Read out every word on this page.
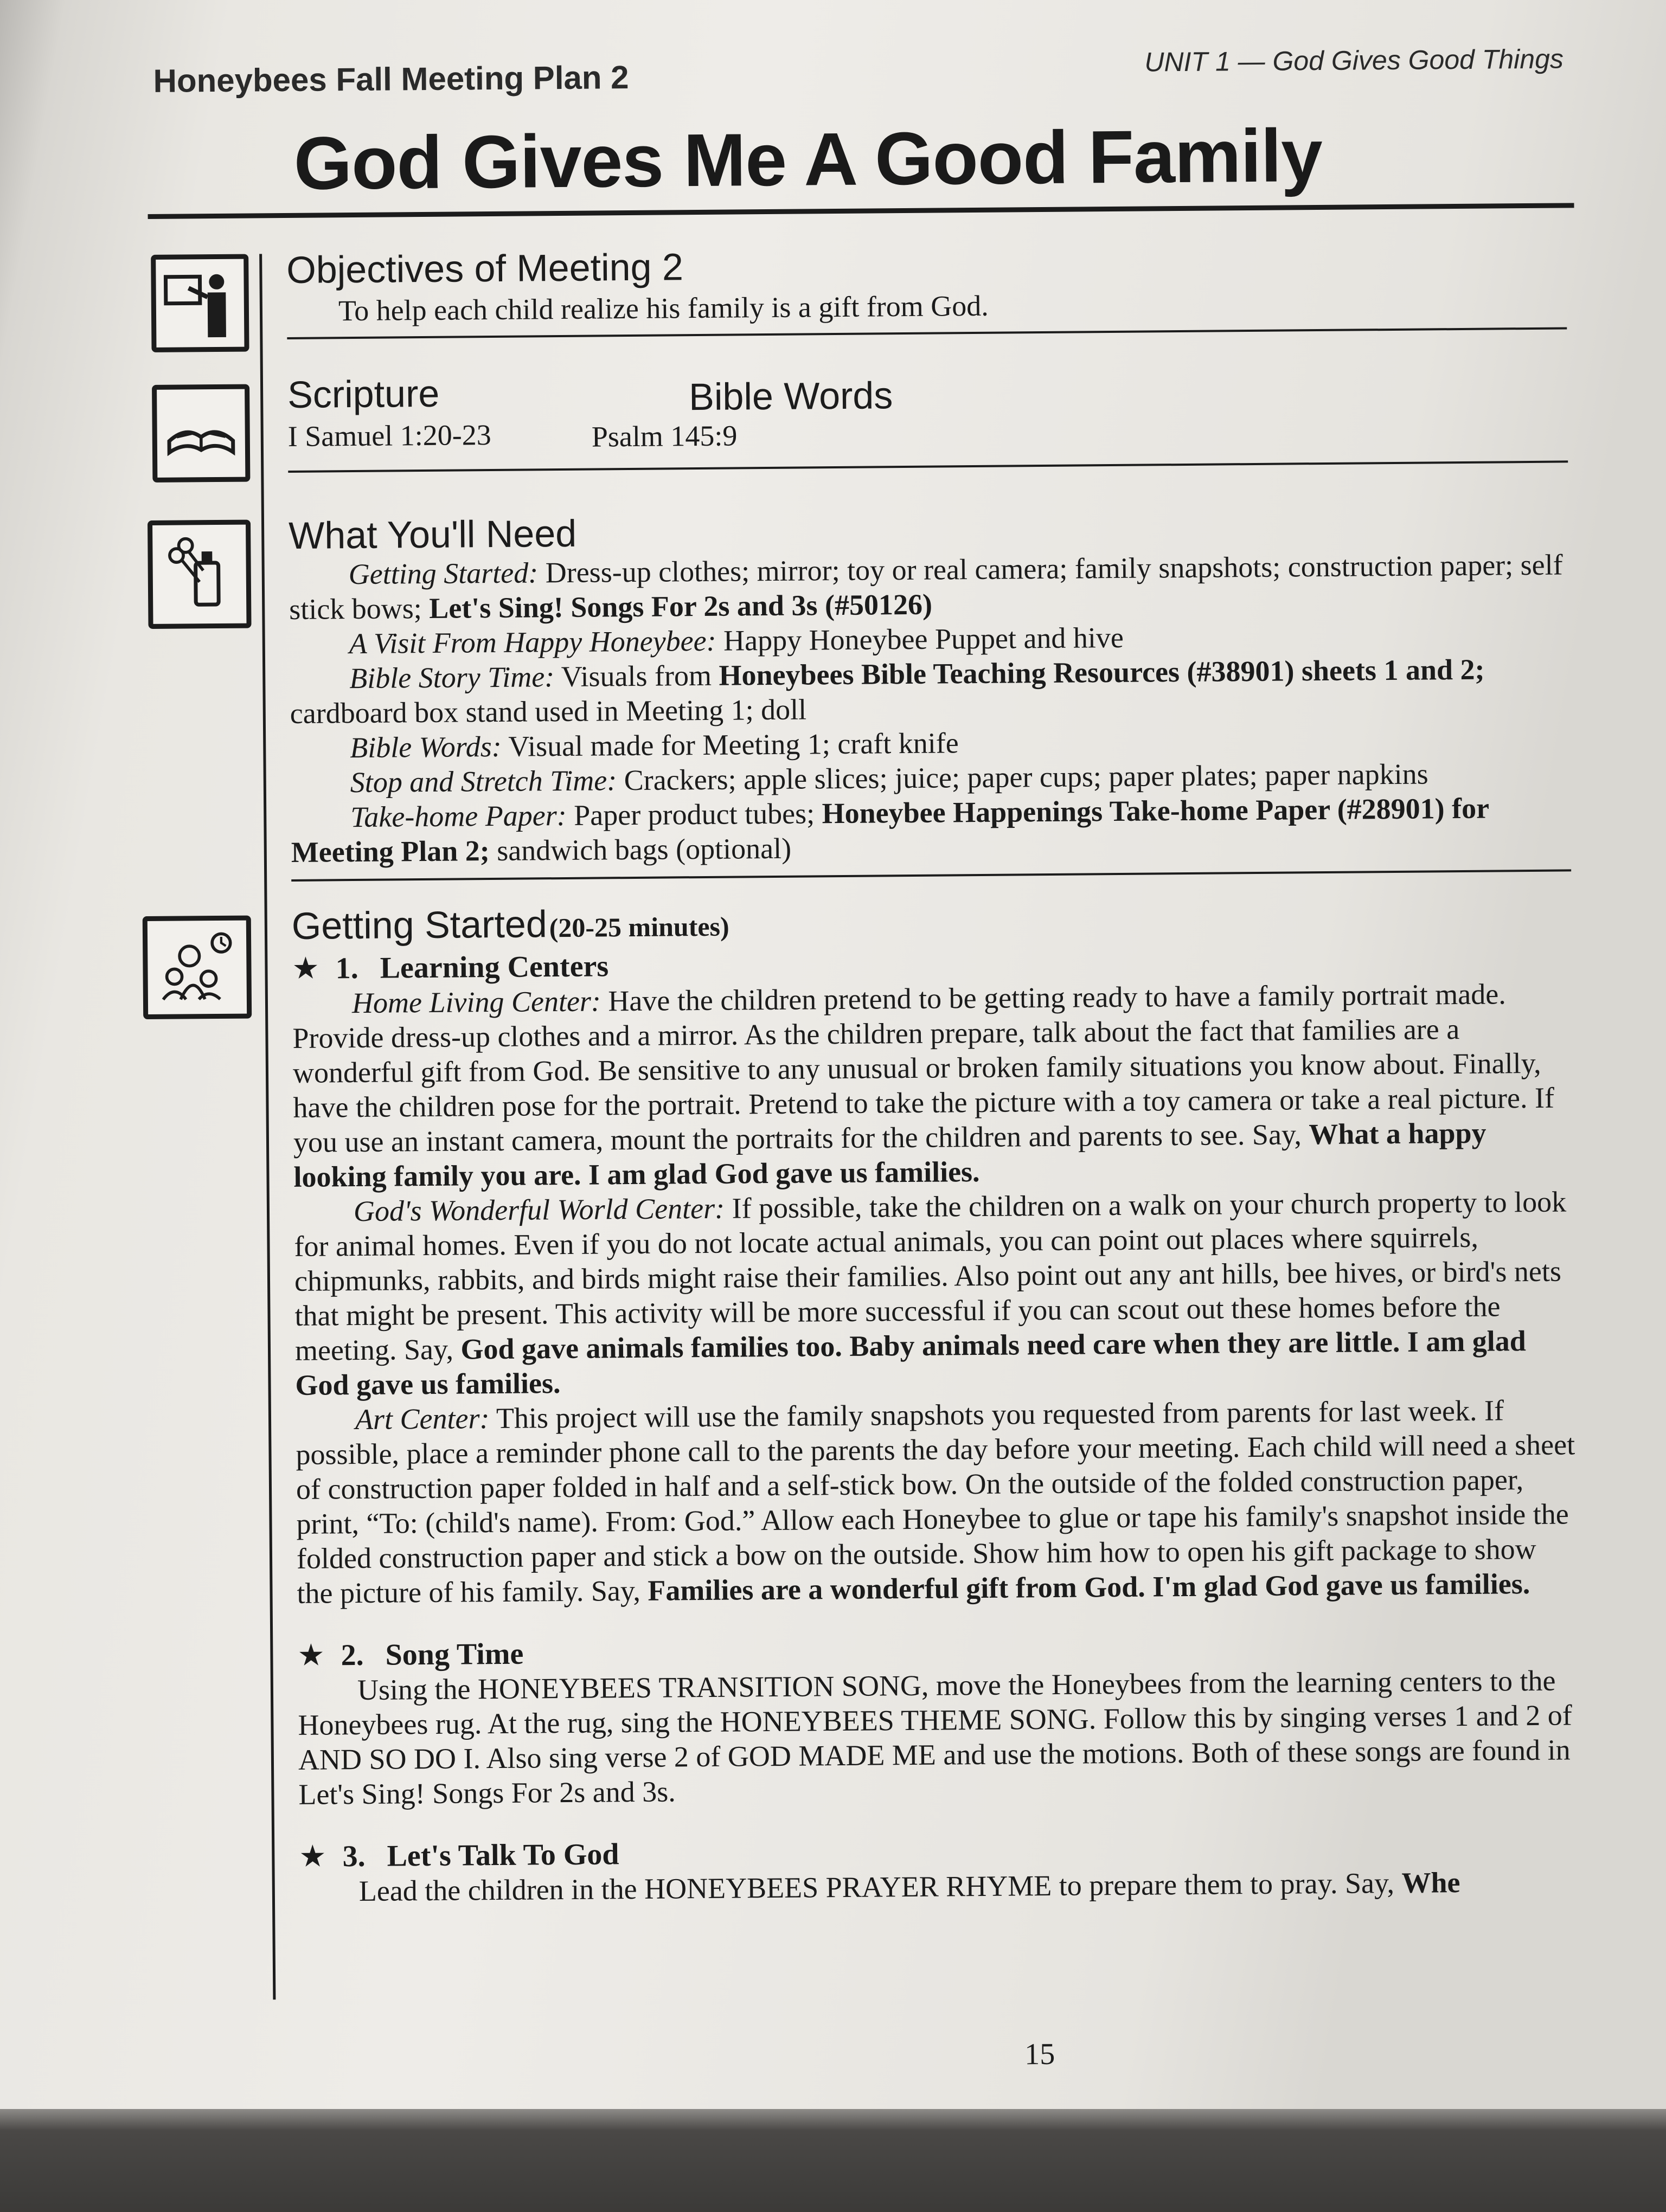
Honeybees Fall Meeting Plan 2	UNIT 1 — God Gives Good Things
God Gives Me A Good Family
Objectives of Meeting 2
To help each child realize his family is a gift from God.
Scripture	Bible Words
I Samuel 1:20-23	Psalm 145:9
What You'll Need
Getting Started: Dress-up clothes; mirror; toy or real camera; family snapshots; construction paper; self stick bows; Let's Sing! Songs For 2s and 3s (#50126)
A Visit From Happy Honeybee: Happy Honeybee Puppet and hive
Bible Story Time: Visuals from Honeybees Bible Teaching Resources (#38901) sheets 1 and 2; cardboard box stand used in Meeting 1; doll
Bible Words: Visual made for Meeting 1; craft knife
Stop and Stretch Time: Crackers; apple slices; juice; paper cups; paper plates; paper napkins
Take-home Paper: Paper product tubes; Honeybee Happenings Take-home Paper (#28901) for Meeting Plan 2; sandwich bags (optional)
Getting Started (20-25 minutes)
★ 1. Learning Centers
Home Living Center: Have the children pretend to be getting ready to have a family portrait made. Provide dress-up clothes and a mirror. As the children prepare, talk about the fact that families are a wonderful gift from God. Be sensitive to any unusual or broken family situations you know about. Finally, have the children pose for the portrait. Pretend to take the picture with a toy camera or take a real picture. If you use an instant camera, mount the portraits for the children and parents to see. Say, What a happy looking family you are. I am glad God gave us families.
God's Wonderful World Center: If possible, take the children on a walk on your church property to look for animal homes. Even if you do not locate actual animals, you can point out places where squirrels, chipmunks, rabbits, and birds might raise their families. Also point out any ant hills, bee hives, or bird's nets that might be present. This activity will be more successful if you can scout out these homes before the meeting. Say, God gave animals families too. Baby animals need care when they are little. I am glad God gave us families.
Art Center: This project will use the family snapshots you requested from parents for last week. If possible, place a reminder phone call to the parents the day before your meeting. Each child will need a sheet of construction paper folded in half and a self-stick bow. On the outside of the folded construction paper, print, “To: (child's name). From: God.” Allow each Honeybee to glue or tape his family's snapshot inside the folded construction paper and stick a bow on the outside. Show him how to open his gift package to show the picture of his family. Say, Families are a wonderful gift from God. I'm glad God gave us families.
★ 2. Song Time
Using the HONEYBEES TRANSITION SONG, move the Honeybees from the learning centers to the Honeybees rug. At the rug, sing the HONEYBEES THEME SONG. Follow this by singing verses 1 and 2 of AND SO DO I. Also sing verse 2 of GOD MADE ME and use the motions. Both of these songs are found in Let's Sing! Songs For 2s and 3s.
★ 3. Let's Talk To God
Lead the children in the HONEYBEES PRAYER RHYME to prepare them to pray. Say, Whe
15
